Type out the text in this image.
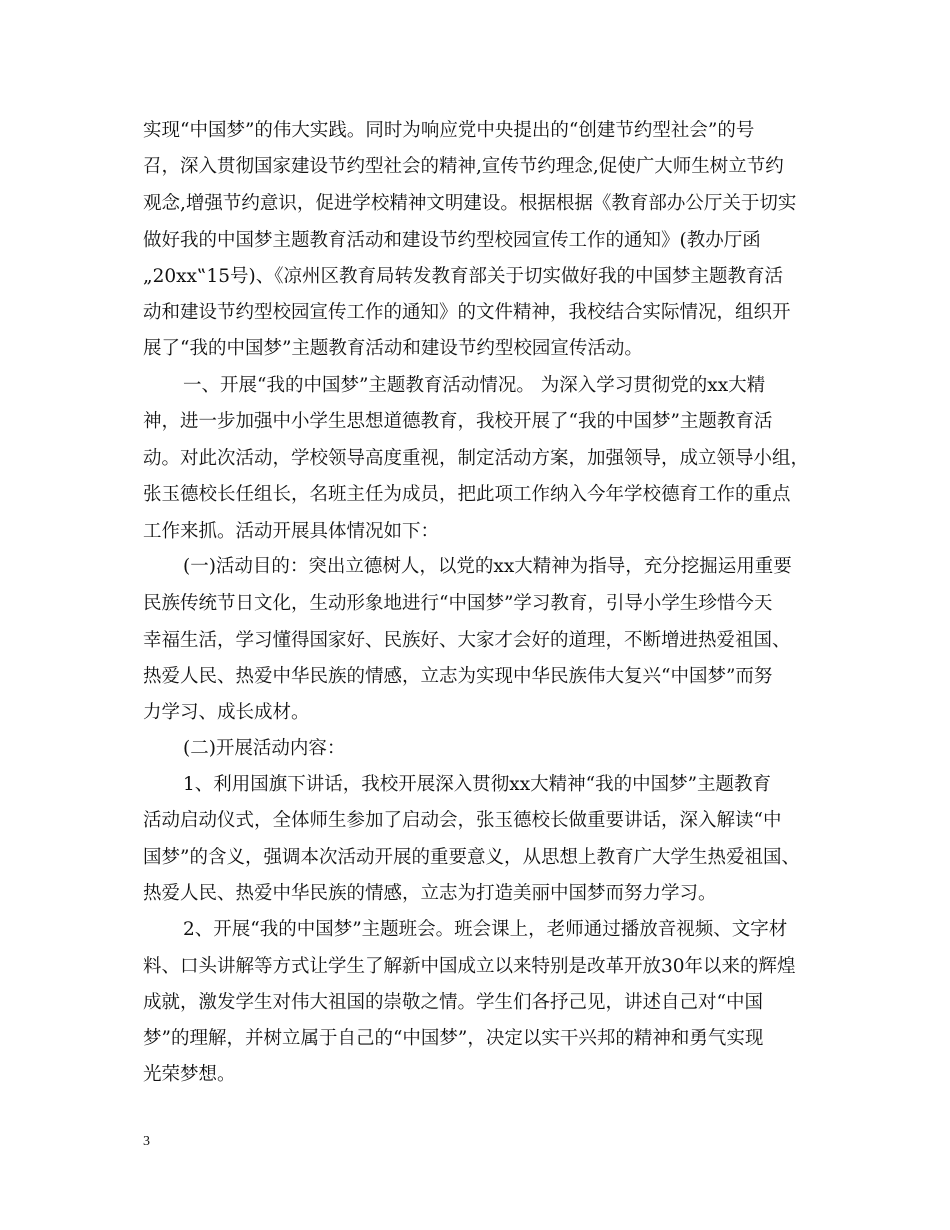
实现“中国梦”的伟大实践。同时为响应党中央提出的“创建节约型社会”的号
召，深入贯彻国家建设节约型社会的精神,宣传节约理念,促使广大师生树立节约
观念,增强节约意识，促进学校精神文明建设。根据根据《教育部办公厅关于切实
做好我的中国梦主题教育活动和建设节约型校园宣传工作的通知》(教办厅函
„20xx‟15号)、《凉州区教育局转发教育部关于切实做好我的中国梦主题教育活
动和建设节约型校园宣传工作的通知》的文件精神，我校结合实际情况，组织开
展了“我的中国梦”主题教育活动和建设节约型校园宣传活动。
一、开展“我的中国梦”主题教育活动情况。 为深入学习贯彻党的xx大精
神，进一步加强中小学生思想道德教育，我校开展了“我的中国梦”主题教育活
动。对此次活动，学校领导高度重视，制定活动方案，加强领导，成立领导小组，
张玉德校长任组长，名班主任为成员，把此项工作纳入今年学校德育工作的重点
工作来抓。活动开展具体情况如下：
(一)活动目的：突出立德树人，以党的xx大精神为指导，充分挖掘运用重要
民族传统节日文化，生动形象地进行“中国梦”学习教育，引导小学生珍惜今天
幸福生活，学习懂得国家好、民族好、大家才会好的道理，不断增进热爱祖国、
热爱人民、热爱中华民族的情感，立志为实现中华民族伟大复兴“中国梦”而努
力学习、成长成材。
(二)开展活动内容：
1、利用国旗下讲话，我校开展深入贯彻xx大精神“我的中国梦”主题教育
活动启动仪式，全体师生参加了启动会，张玉德校长做重要讲话，深入解读“中
国梦”的含义，强调本次活动开展的重要意义，从思想上教育广大学生热爱祖国、
热爱人民、热爱中华民族的情感，立志为打造美丽中国梦而努力学习。
2、开展“我的中国梦”主题班会。班会课上，老师通过播放音视频、文字材
料、口头讲解等方式让学生了解新中国成立以来特别是改革开放30年以来的辉煌
成就，激发学生对伟大祖国的崇敬之情。学生们各抒己见，讲述自己对“中国
梦”的理解，并树立属于自己的“中国梦”，决定以实干兴邦的精神和勇气实现
光荣梦想。
3
